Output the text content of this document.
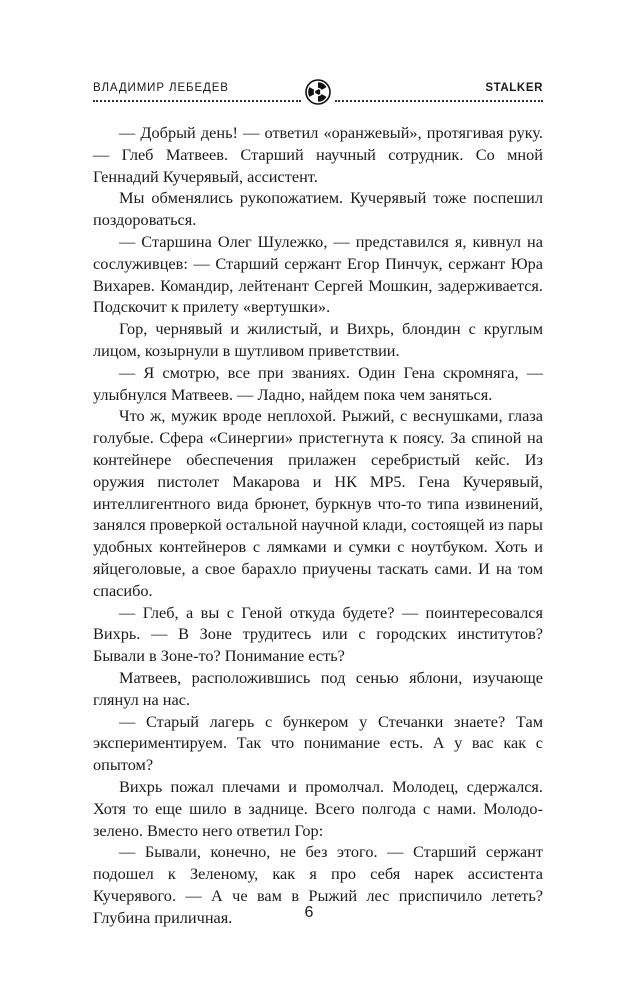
ВЛАДИМИР ЛЕБЕДЕВ	STALKER

— Добрый день! — ответил «оранжевый», протягивая руку. — Глеб Матвеев. Старший научный сотрудник. Со мной Геннадий Кучерявый, ассистент.

Мы обменялись рукопожатием. Кучерявый тоже поспешил поздороваться.

— Старшина Олег Шулежко, — представился я, кивнул на сослуживцев: — Старший сержант Егор Пинчук, сержант Юра Вихарев. Командир, лейтенант Сергей Мошкин, задерживается. Подскочит к прилету «вертушки».

Гор, чернявый и жилистый, и Вихрь, блондин с круглым лицом, козырнули в шутливом приветствии.

— Я смотрю, все при званиях. Один Гена скромняга, — улыбнулся Матвеев. — Ладно, найдем пока чем заняться.

Что ж, мужик вроде неплохой. Рыжий, с веснушками, глаза голубые. Сфера «Синергии» пристегнута к поясу. За спиной на контейнере обеспечения прилажен серебристый кейс. Из оружия пистолет Макарова и НК МР5. Гена Кучерявый, интеллигентного вида брюнет, буркнув что-то типа извинений, занялся проверкой остальной научной клади, состоящей из пары удобных контейнеров с лямками и сумки с ноутбуком. Хоть и яйцеголовые, а свое барахло приучены таскать сами. И на том спасибо.

— Глеб, а вы с Геной откуда будете? — поинтересовался Вихрь. — В Зоне трудитесь или с городских институтов? Бывали в Зоне-то? Понимание есть?

Матвеев, расположившись под сенью яблони, изучающе глянул на нас.

— Старый лагерь с бункером у Стечанки знаете? Там экспериментируем. Так что понимание есть. А у вас как с опытом?

Вихрь пожал плечами и промолчал. Молодец, сдержался. Хотя то еще шило в заднице. Всего полгода с нами. Молодо-зелено. Вместо него ответил Гор:

— Бывали, конечно, не без этого. — Старший сержант подошел к Зеленому, как я про себя нарек ассистента Кучерявого. — А че вам в Рыжий лес приспичило лететь? Глубина приличная.	6
